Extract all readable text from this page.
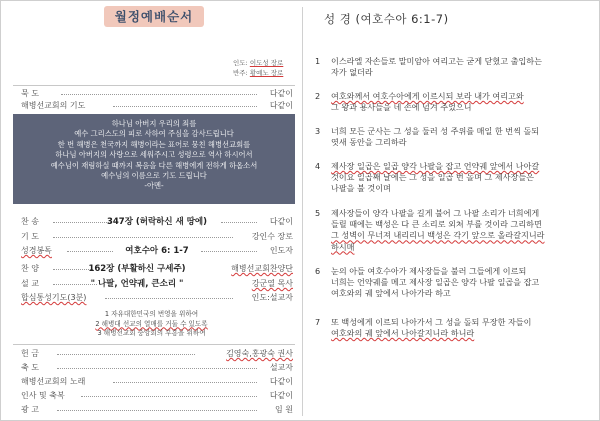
월정예배순서
인도: 이도성 장로
반주: 황예노 장로
묵 도	다같이
해병선교회의 기도	다같이
하나님 아버지 우리의 죄를
예수 그리스도의 피로 사하여 주심을 감사드립니다
한 번 해병은 천국까지 해병이라는 표어로 뭉친 해병선교회를
하나님 아버지의 사랑으로 세워주시고 성령으로 역사 하시어서
예수님이 재림하실 때까지 복음을 다른 해병에게 전하게 하옵소서
예수님의 이름으로 기도 드립니다
-아멘-
찬 송	347장 (허락하신 새 땅에)	다같이
기 도	강인수 장로
성경봉독	여호수아 6: 1-7	인도자
찬 양	162장 (부활하신 구세주)	해병선교회찬양단
설 교	" 나팔, 언약궤, 큰소리 "	강군열 목사
합심통성기도(3분)	인도:설교자
1 자유대한민국의 번영을 위하여
2 해병대 선교의 열매를 거둘 수 있도록
3 해병선교회 중앙회의 부흥을 위하여
헌 금	김영숙,홍광숙 권사
축 도	설교자
해병선교회의 노래	다같이
인사 및 축복	다같이
광 고	임 원
성 경 (여호수아 6:1-7)
1	이스라엘 자손들로 말미암아 여리고는 굳게 닫혔고 출입하는
자가 없더라
2	여호와께서 여호수아에게 이르시되 보라 내가 여리고와
그 왕과 용사들을 네 손에 넘겨 주었으니
3	너희 모든 군사는 그 성을 둘러 성 주위를 매일 한 번씩 돌되
엿새 동안을 그리하라
4	제사장 일곱은 일곱 양각 나팔을 잡고 언약궤 앞에서 나아갈
것이요 일곱째 날에는 그 성을 일곱 번 돌며 그 제사장들은
나팔을 불 것이며
5	제사장들이 양각 나팔을 길게 불어 그 나팔 소리가 너희에게
들릴 때에는 백성은 다 큰 소리로 외쳐 부를 것이라 그리하면
그 성벽이 무너져 내리리니 백성은 각기 앞으로 올라갈지니라
하시매
6	눈의 아들 여호수아가 제사장들을 불러 그들에게 이르되
너희는 언약궤를 메고 제사장 일곱은 양각 나팔 일곱을 잡고
여호와의 궤 앞에서 나아가라 하고
7	또 백성에게 이르되 나아가서 그 성을 돌되 무장한 자들이
여호와의 궤 앞에서 나아갈지니라 하니라
